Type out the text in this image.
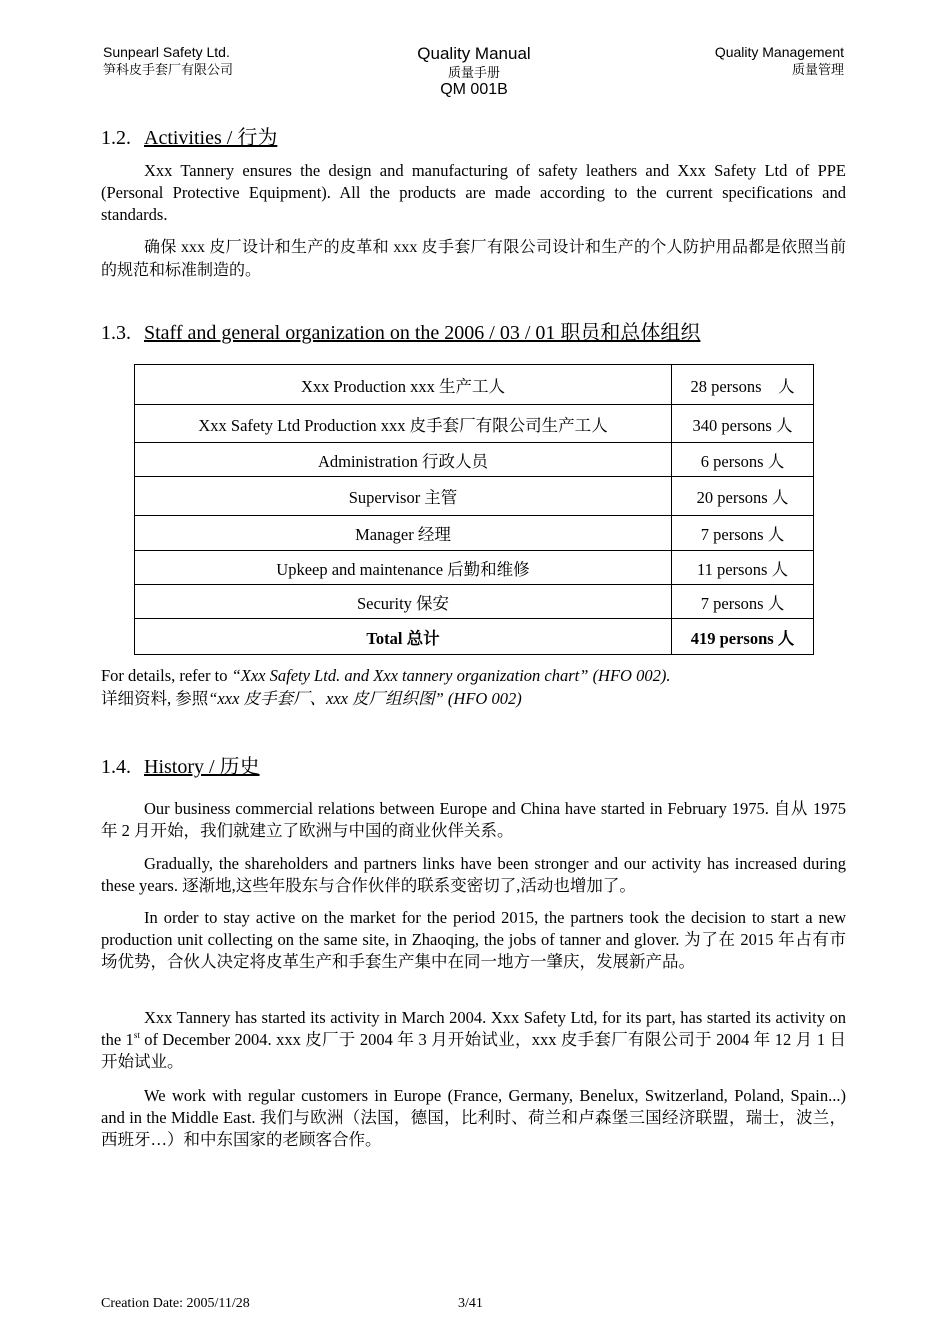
Sunpearl Safety Ltd.
笋科皮手套厂有限公司
Quality Manual
质量手册
QM 001B
Quality Management
质量管理
1.2. Activities / 行为

Xxx Tannery ensures the design and manufacturing of safety leathers and Xxx Safety Ltd of PPE (Personal Protective Equipment). All the products are made according to the current specifications and standards.

确保 xxx 皮厂设计和生产的皮革和 xxx 皮手套厂有限公司设计和生产的个人防护用品都是依照当前的规范和标准制造的。

1.3. Staff and general organization on the 2006 / 03 / 01 职员和总体组织
Xxx Production xxx 生产工人	28 persons　人
Xxx Safety Ltd Production xxx 皮手套厂有限公司生产工人	340 persons 人
Administration 行政人员	6 persons 人
Supervisor 主管	20 persons 人
Manager 经理	7 persons 人
Upkeep and maintenance 后勤和维修	11 persons 人
Security 保安	7 persons 人
Total 总计	419 persons 人
For details, refer to “Xxx Safety Ltd. and Xxx tannery organization chart” (HFO 002).
详细资料, 参照“xxx 皮手套厂、xxx 皮厂组织图” (HFO 002)
1.4. History / 历史

Our business commercial relations between Europe and China have started in February 1975. 自从 1975 年 2 月开始，我们就建立了欧洲与中国的商业伙伴关系。

Gradually, the shareholders and partners links have been stronger and our activity has increased during these years. 逐渐地,这些年股东与合作伙伴的联系变密切了,活动也增加了。

In order to stay active on the market for the period 2015, the partners took the decision to start a new production unit collecting on the same site, in Zhaoqing, the jobs of tanner and glover. 为了在 2015 年占有市场优势，合伙人决定将皮革生产和手套生产集中在同一地方一肇庆，发展新产品。

Xxx Tannery has started its activity in March 2004. Xxx Safety Ltd, for its part, has started its activity on the 1st of December 2004. xxx 皮厂于 2004 年 3 月开始试业，xxx 皮手套厂有限公司于 2004 年 12 月 1 日开始试业。

We work with regular customers in Europe (France, Germany, Benelux, Switzerland, Poland, Spain...) and in the Middle East. 我们与欧洲（法国，德国，比利时、荷兰和卢森堡三国经济联盟，瑞士，波兰，西班牙…）和中东国家的老顾客合作。

Creation Date: 2005/11/28	3/41
